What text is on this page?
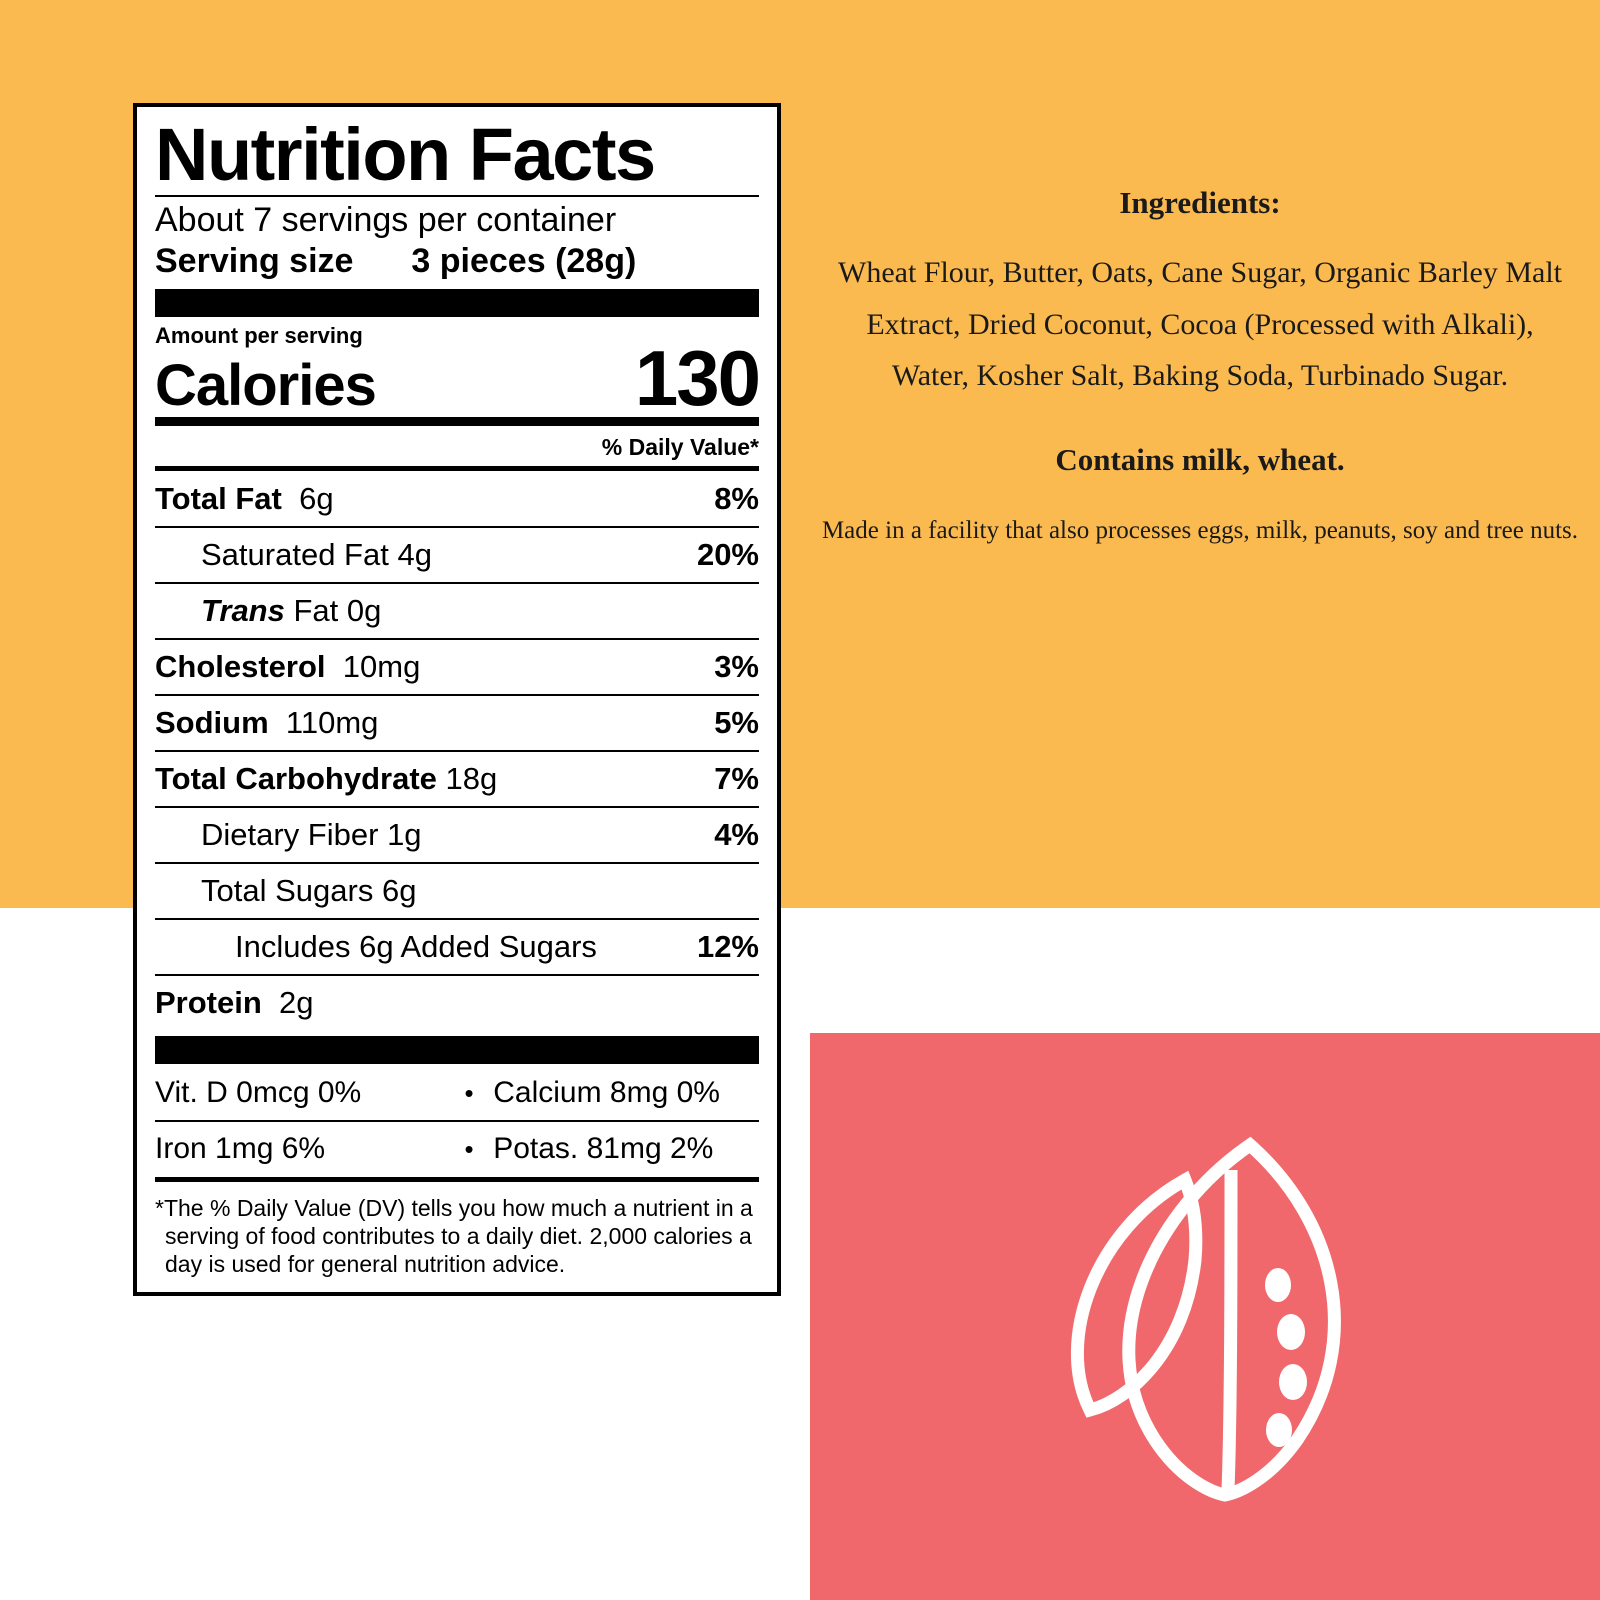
Nutrition Facts
About 7 servings per container
Serving size 3 pieces (28g)
Amount per serving
Calories	130
% Daily Value*
Total Fat 6g	8%
Saturated Fat 4g	20%
Trans Fat 0g
Cholesterol 10mg	3%
Sodium 110mg	5%
Total Carbohydrate 18g	7%
Dietary Fiber 1g	4%
Total Sugars 6g
Includes 6g Added Sugars	12%
Protein 2g
Vit. D 0mcg 0%	• Calcium 8mg 0%
Iron 1mg 6%	• Potas. 81mg 2%
*The % Daily Value (DV) tells you how much a nutrient in a serving of food contributes to a daily diet. 2,000 calories a day is used for general nutrition advice.
Ingredients:
Wheat Flour, Butter, Oats, Cane Sugar, Organic Barley Malt Extract, Dried Coconut, Cocoa (Processed with Alkali), Water, Kosher Salt, Baking Soda, Turbinado Sugar.
Contains milk, wheat.
Made in a facility that also processes eggs, milk, peanuts, soy and tree nuts.
